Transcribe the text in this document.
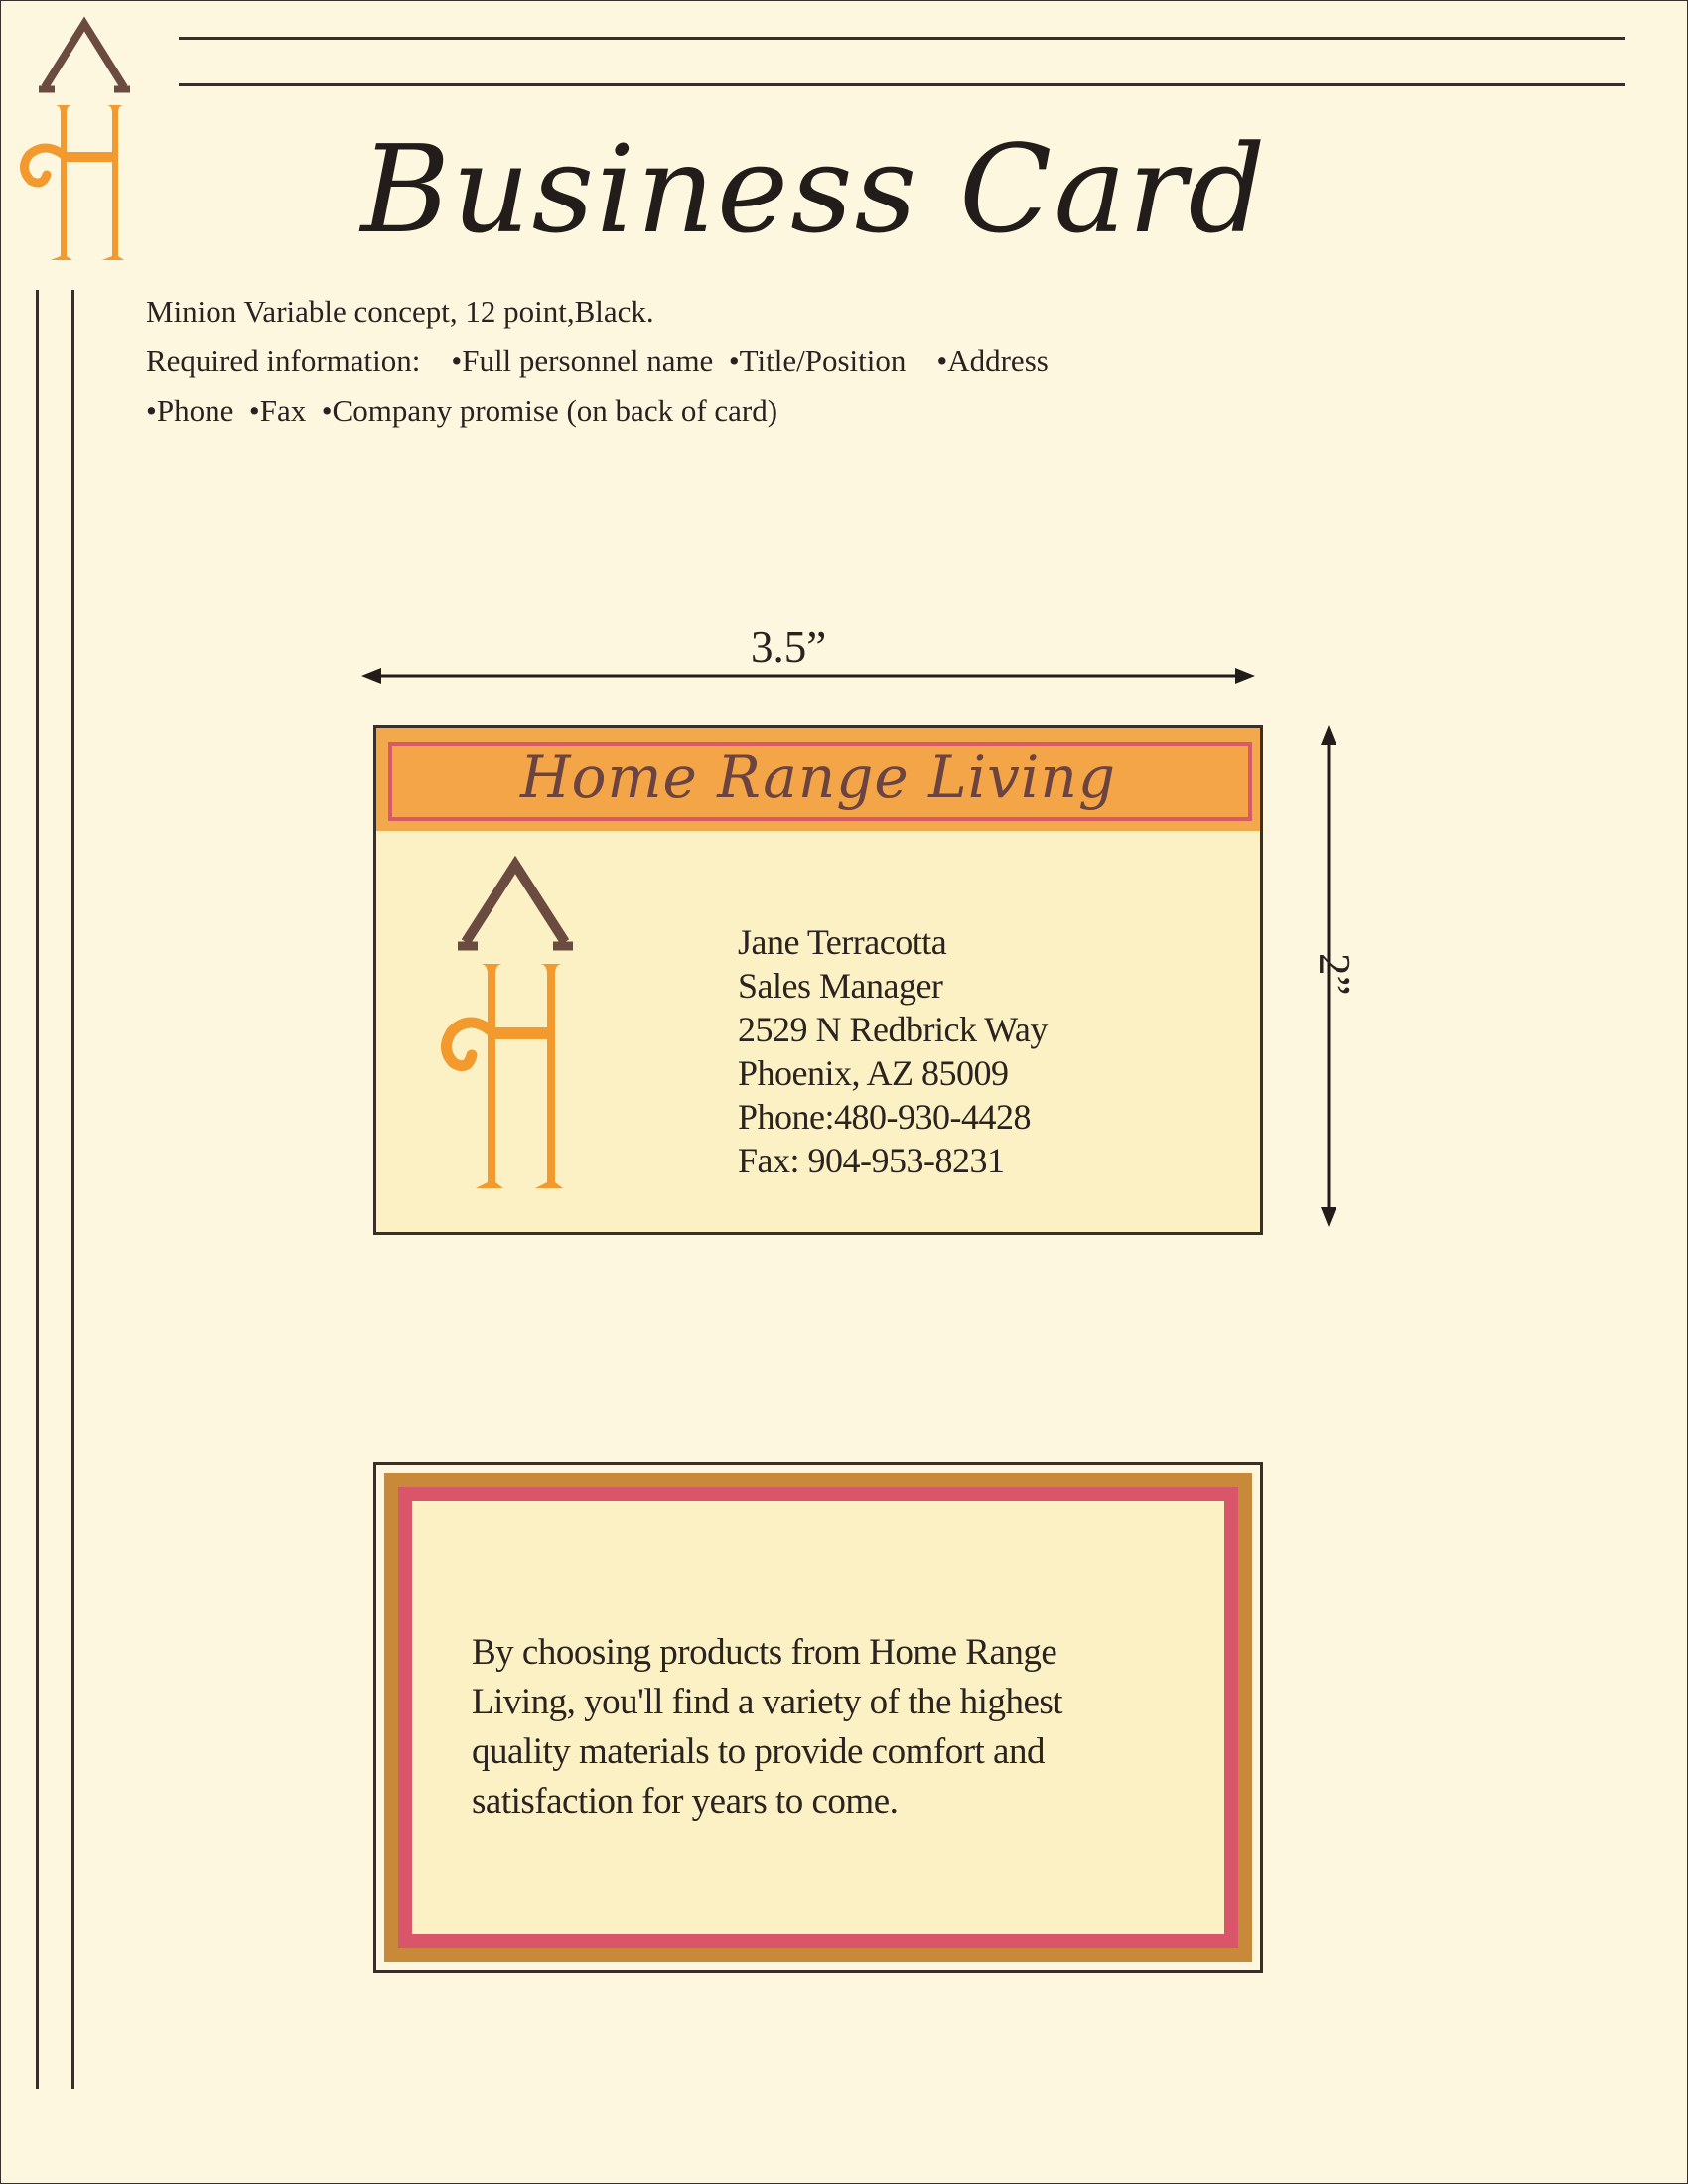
Business Card
Minion Variable concept, 12 point,Black.
Required information:    •Full personnel name  •Title/Position    •Address
•Phone  •Fax  •Company promise (on back of card)
3.5”
2”
Home Range Living
Jane Terracotta
Sales Manager
2529 N Redbrick Way
Phoenix, AZ 85009
Phone:480-930-4428
Fax: 904-953-8231
By choosing products from Home Range Living, you'll find a variety of the highest quality materials to provide comfort and satisfaction for years to come.
